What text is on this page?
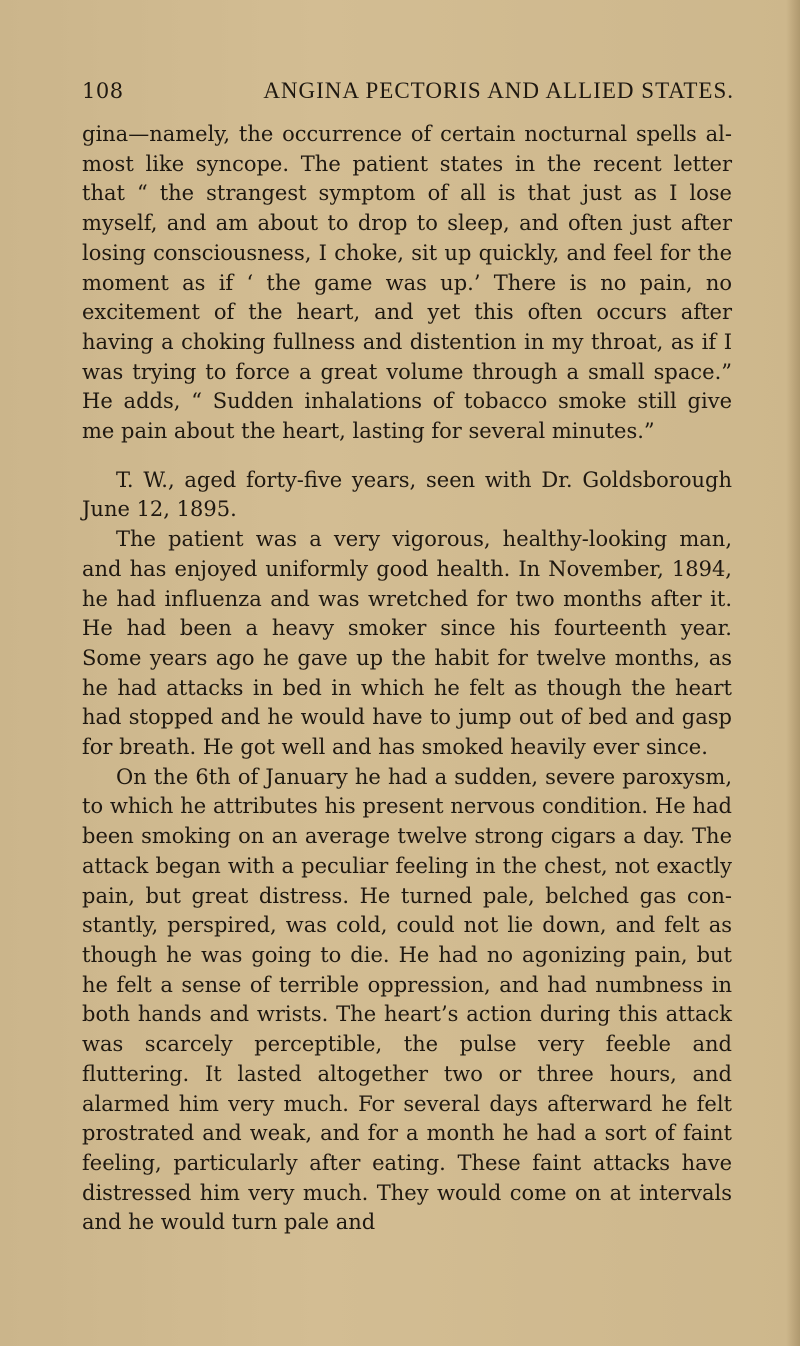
108	ANGINA PECTORIS AND ALLIED STATES.

gina—namely, the occurrence of certain nocturnal spells almost like syncope. The patient states in the recent letter that “ the strangest symptom of all is that just as I lose myself, and am about to drop to sleep, and often just after losing consciousness, I choke, sit up quickly, and feel for the moment as if ‘ the game was up.’ There is no pain, no excitement of the heart, and yet this often occurs after having a choking fullness and distention in my throat, as if I was trying to force a great volume through a small space.” He adds, “ Sudden inhalations of tobacco smoke still give me pain about the heart, lasting for several minutes.”

T. W., aged forty-five years, seen with Dr. Goldsborough June 12, 1895.

The patient was a very vigorous, healthy-looking man, and has enjoyed uniformly good health. In November, 1894, he had influenza and was wretched for two months after it. He had been a heavy smoker since his fourteenth year. Some years ago he gave up the habit for twelve months, as he had attacks in bed in which he felt as though the heart had stopped and he would have to jump out of bed and gasp for breath. He got well and has smoked heavily ever since.

On the 6th of January he had a sudden, severe paroxysm, to which he attributes his present nervous condition. He had been smoking on an average twelve strong cigars a day. The attack began with a peculiar feeling in the chest, not exactly pain, but great distress. He turned pale, belched gas constantly, perspired, was cold, could not lie down, and felt as though he was going to die. He had no agonizing pain, but he felt a sense of terrible oppression, and had numbness in both hands and wrists. The heart’s action during this attack was scarcely perceptible, the pulse very feeble and fluttering. It lasted altogether two or three hours, and alarmed him very much. For several days afterward he felt prostrated and weak, and for a month he had a sort of faint feeling, particularly after eating. These faint attacks have distressed him very much. They would come on at intervals and he would turn pale and
